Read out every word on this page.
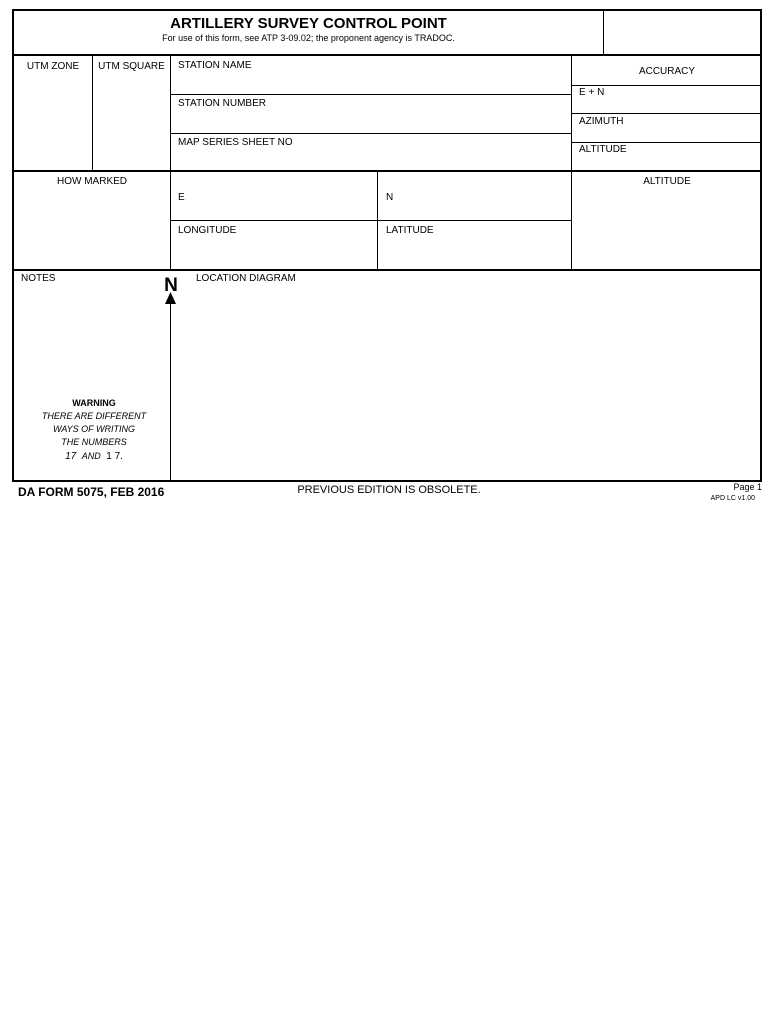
ARTILLERY SURVEY CONTROL POINT
For use of this form, see ATP 3-09.02; the proponent agency is TRADOC.
UTM ZONE	UTM SQUARE	STATION NAME
STATION NUMBER
MAP SERIES SHEET NO
ACCURACY
E + N
AZIMUTH
ALTITUDE
HOW MARKED
E	N
LONGITUDE	LATITUDE
ALTITUDE
N
NOTES	LOCATION DIAGRAM
WARNING
THERE ARE DIFFERENT
WAYS OF WRITING
THE NUMBERS
17 AND 1 7.
DA FORM 5075, FEB 2016	PREVIOUS EDITION IS OBSOLETE.	Page 1
APD LC v1.00
